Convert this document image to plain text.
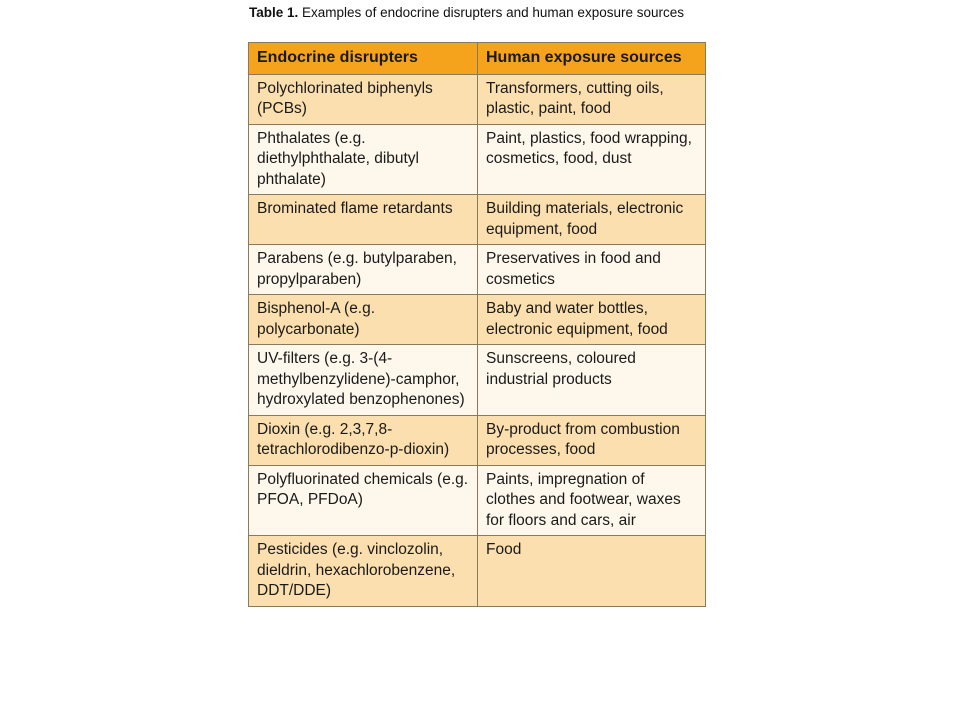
Table 1. Examples of endocrine disrupters and human exposure sources
Endocrine disrupters	Human exposure sources
Polychlorinated biphenyls (PCBs)	Transformers, cutting oils, plastic, paint, food
Phthalates (e.g. diethylphthalate, dibutyl phthalate)	Paint, plastics, food wrapping, cosmetics, food, dust
Brominated flame retardants	Building materials, electronic equipment, food
Parabens (e.g. butylparaben, propylparaben)	Preservatives in food and cosmetics
Bisphenol-A (e.g. polycarbonate)	Baby and water bottles, electronic equipment, food
UV-filters (e.g. 3-(4-methylbenzylidene)-camphor, hydroxylated benzophenones)	Sunscreens, coloured industrial products
Dioxin (e.g. 2,3,7,8-tetrachlorodibenzo-p-dioxin)	By-product from combustion processes, food
Polyfluorinated chemicals (e.g. PFOA, PFDoA)	Paints, impregnation of clothes and footwear, waxes for floors and cars, air
Pesticides (e.g. vinclozolin, dieldrin, hexachlorobenzene, DDT/DDE)	Food
